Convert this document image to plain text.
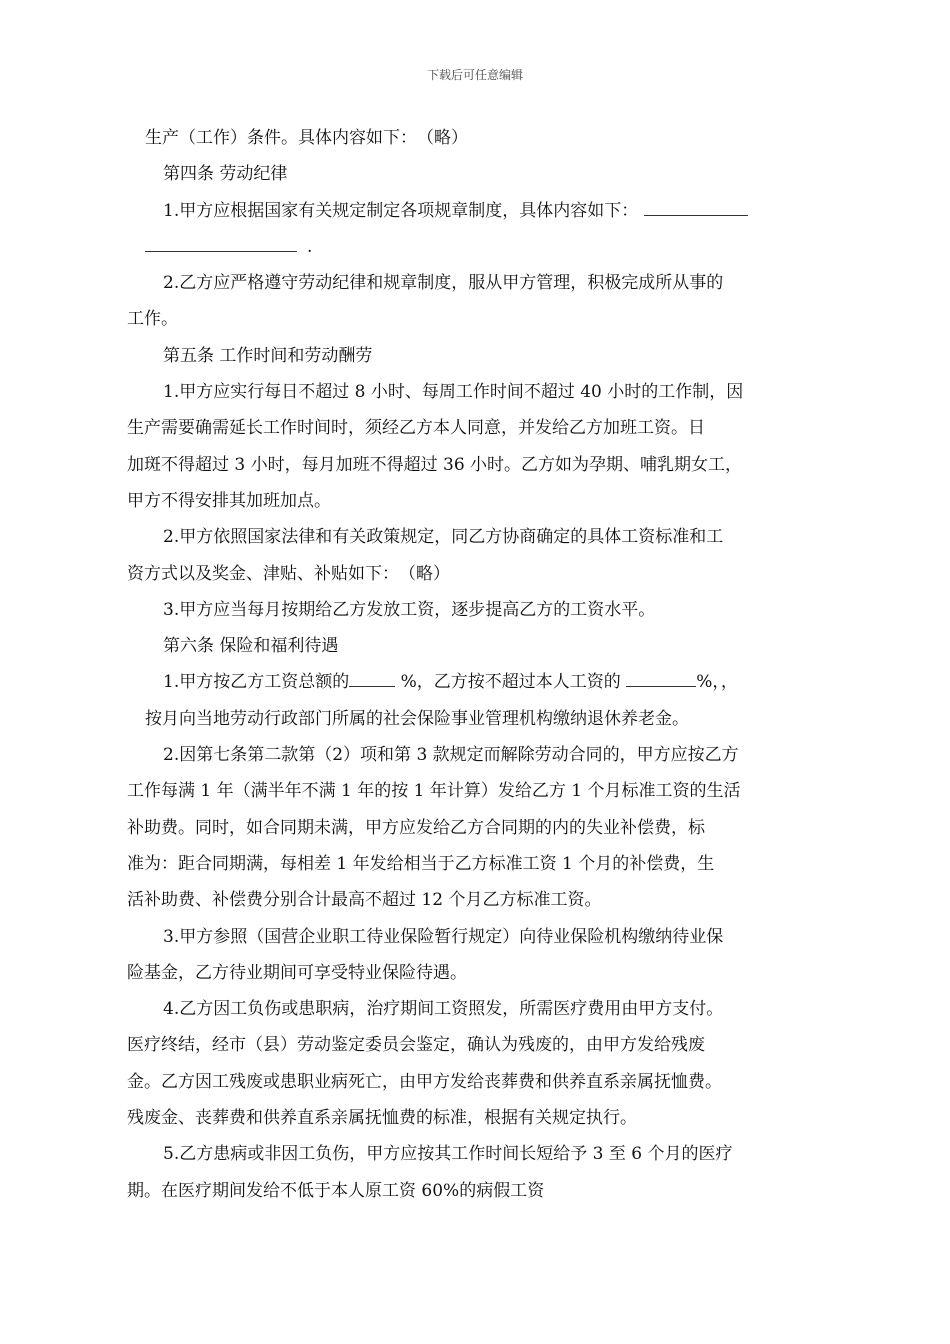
下载后可任意编辑

生产（工作）条件。具体内容如下：　（略）

第四条 劳动纪律

1.甲方应根据国家有关规定制定各项规章制度，具体内容如下：

.

2.乙方应严格遵守劳动纪律和规章制度，服从甲方管理，积极完成所从事的
工作。

第五条 工作时间和劳动酬劳

1.甲方应实行每日不超过 8 小时、每周工作时间不超过 40 小时的工作制，因
生产需要确需延长工作时间时，须经乙方本人同意，并发给乙方加班工资。日
加斑不得超过 3 小时，每月加班不得超过 36 小时。乙方如为孕期、哺乳期女工，
甲方不得安排其加班加点。

2.甲方依照国家法律和有关政策规定，同乙方协商确定的具体工资标准和工
资方式以及奖金、津贴、补贴如下：　（略）

3.甲方应当每月按期给乙方发放工资，逐步提高乙方的工资水平。

第六条 保险和福利待遇

1.甲方按乙方工资总额的	%，乙方按不超过本人工资的	%，，

按月向当地劳动行政部门所属的社会保险事业管理机构缴纳退休养老金。

2.因第七条第二款第（2）项和第 3 款规定而解除劳动合同的，甲方应按乙方
工作每满 1 年（满半年不满 1 年的按 1 年计算）发给乙方 1 个月标准工资的生活
补助费。同时，如合同期未满，甲方应发给乙方合同期的内的失业补偿费，标
准为：距合同期满，每相差 1 年发给相当于乙方标准工资 1 个月的补偿费，生
活补助费、补偿费分别合计最高不超过 12 个月乙方标准工资。

3.甲方参照（国营企业职工待业保险暂行规定）向待业保险机构缴纳待业保
险基金，乙方待业期间可享受特业保险待遇。

4.乙方因工负伤或患职病，治疗期间工资照发，所需医疗费用由甲方支付。
医疗终结，经市（县）劳动鉴定委员会鉴定，确认为残废的，由甲方发给残废
金。乙方因工残废或患职业病死亡，由甲方发给丧葬费和供养直系亲属抚恤费。
残废金、丧葬费和供养直系亲属抚恤费的标准，根据有关规定执行。

5.乙方患病或非因工负伤，甲方应按其工作时间长短给予 3 至 6 个月的医疗
期。在医疗期间发给不低于本人原工资 60%的病假工资
